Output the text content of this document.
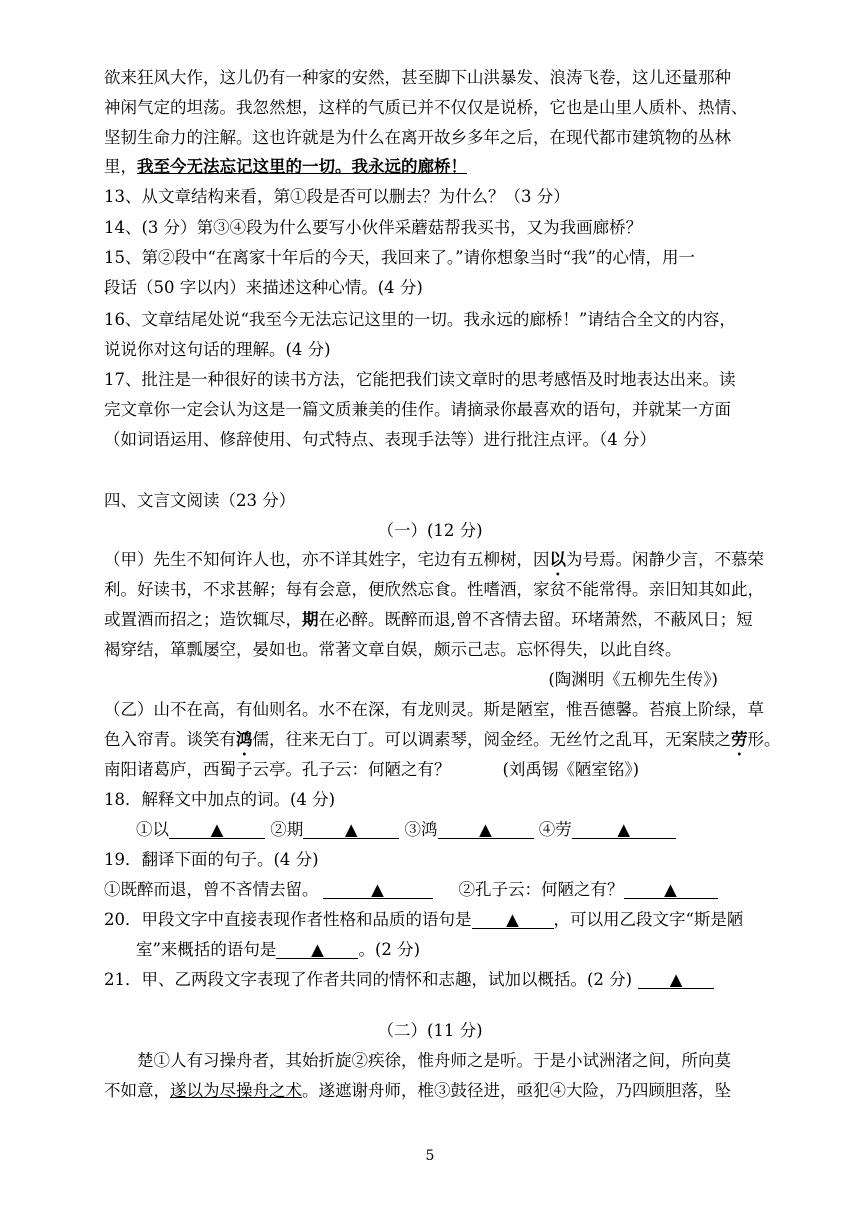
欲来狂风大作，这儿仍有一种家的安然，甚至脚下山洪暴发、浪涛飞卷，这儿还量那种
神闲气定的坦荡。我忽然想，这样的气质已并不仅仅是说桥，它也是山里人质朴、热情、
坚韧生命力的注解。这也许就是为什么在离开故乡多年之后，在现代都市建筑物的丛林
里，我至今无法忘记这里的一切。我永远的廊桥！
13、从文章结构来看，第①段是否可以删去？为什么？（3 分）
14、(3 分）第③④段为什么要写小伙伴采蘑菇帮我买书，又为我画廊桥？
15、第②段中“在离家十年后的今天，我回来了。”请你想象当时“我”的心情，用一
段话（50 字以内）来描述这种心情。(4 分)
16、文章结尾处说“我至今无法忘记这里的一切。我永远的廊桥！”请结合全文的内容，
说说你对这句话的理解。(4 分)
17、批注是一种很好的读书方法，它能把我们读文章时的思考感悟及时地表达出来。读
完文章你一定会认为这是一篇文质兼美的佳作。请摘录你最喜欢的语句，并就某一方面
（如词语运用、修辞使用、句式特点、表现手法等）进行批注点评。（4 分）
四、文言文阅读（23 分）
（一）(12 分)
（甲）先生不知何许人也，亦不详其姓字，宅边有五柳树，因以为号焉。闲静少言，不慕荣
利。好读书，不求甚解；每有会意，便欣然忘食。性嗜酒，家贫不能常得。亲旧知其如此，
或置酒而招之；造饮辄尽，期在必醉。既醉而退,曾不吝情去留。环堵萧然，不蔽风日；短
褐穿结，箪瓢屡空，晏如也。常著文章自娱，颇示己志。忘怀得失，以此自终。
(陶渊明《五柳先生传》)
（乙）山不在高，有仙则名。水不在深，有龙则灵。斯是陋室，惟吾德馨。苔痕上阶绿，草
色入帘青。谈笑有鸿儒，往来无白丁。可以调素琴，阅金经。无丝竹之乱耳，无案牍之劳形。
南阳诸葛庐，西蜀子云亭。孔子云：何陋之有？	(刘禹锡《陋室铭》)
18．解释文中加点的词。(4 分)
①以	▲	②期	▲	③鸿	▲	④劳	▲
19．翻译下面的句子。(4 分)
①既醉而退，曾不吝情去留。	▲	②孔子云：何陋之有？ ▲
20．甲段文字中直接表现作者性格和品质的语句是 ▲ ，可以用乙段文字“斯是陋
室”来概括的语句是 ▲ 。(2 分)
21．甲、乙两段文字表现了作者共同的情怀和志趣，试加以概括。(2 分) ▲
（二）(11 分)
楚①人有习操舟者，其始折旋②疾徐，惟舟师之是听。于是小试洲渚之间，所向莫
不如意，遂以为尽操舟之术。遂遮谢舟师，椎③鼓径进，亟犯④大险，乃四顾胆落，坠
5
